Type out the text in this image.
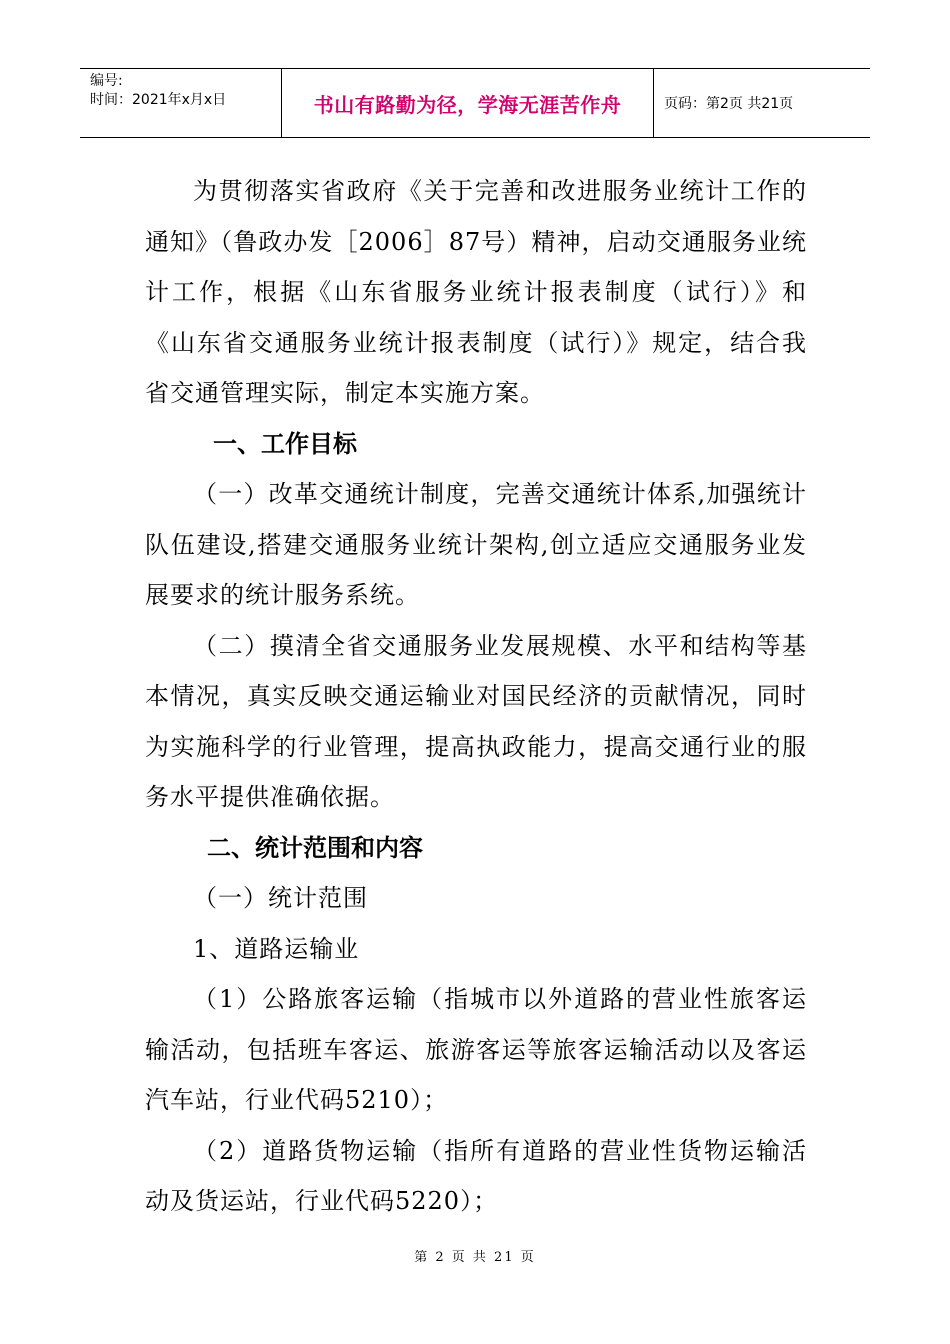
编号:
时间：2021年x月x日	书山有路勤为径，学海无涯苦作舟	页码：第2页 共21页

为贯彻落实省政府《关于完善和改进服务业统计工作的通知》（鲁政办发［2006］87号）精神，启动交通服务业统计工作，根据《山东省服务业统计报表制度（试行）》和《山东省交通服务业统计报表制度（试行）》规定，结合我省交通管理实际，制定本实施方案。

一、工作目标

（一）改革交通统计制度，完善交通统计体系,加强统计队伍建设,搭建交通服务业统计架构,创立适应交通服务业发展要求的统计服务系统。

（二）摸清全省交通服务业发展规模、水平和结构等基本情况，真实反映交通运输业对国民经济的贡献情况，同时为实施科学的行业管理，提高执政能力，提高交通行业的服务水平提供准确依据。

二、统计范围和内容

（一）统计范围

1、道路运输业

（1）公路旅客运输（指城市以外道路的营业性旅客运输活动，包括班车客运、旅游客运等旅客运输活动以及客运汽车站，行业代码5210）；

（2）道路货物运输（指所有道路的营业性货物运输活动及货运站，行业代码5220）；

第 2 页 共 21 页
